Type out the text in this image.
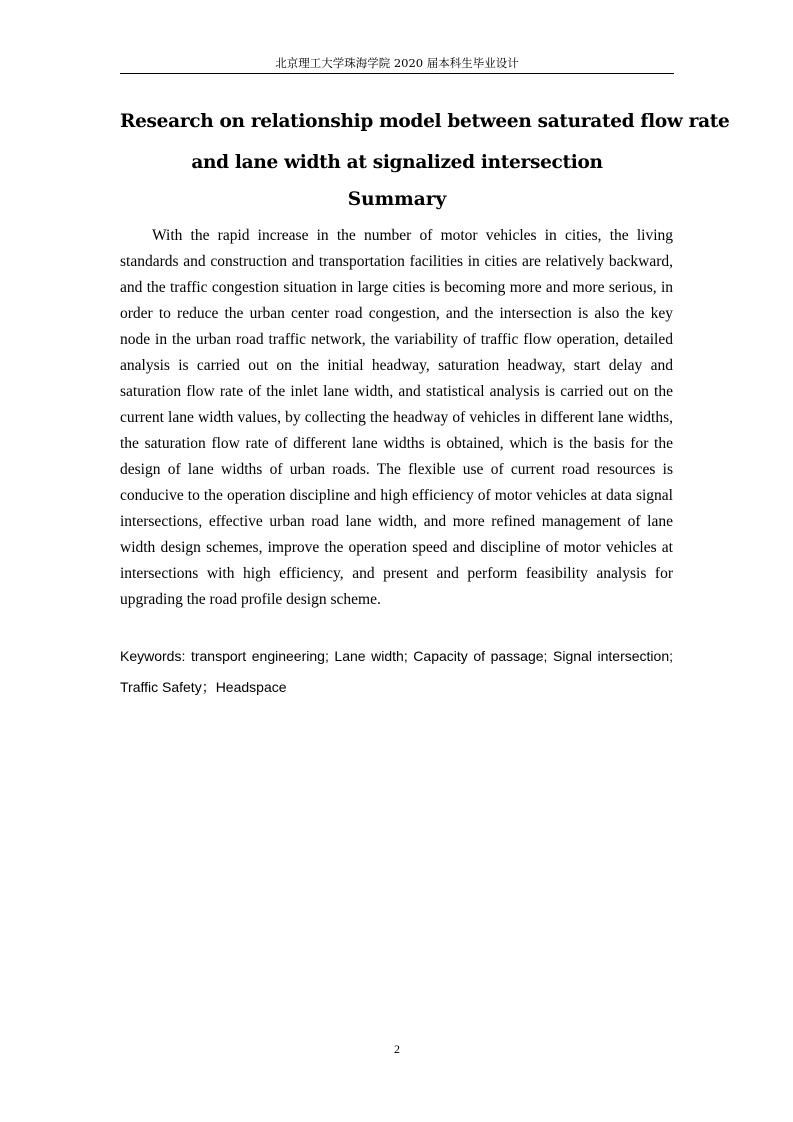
北京理工大学珠海学院 2020 届本科生毕业设计
Research on relationship model between saturated flow rate
and lane width at signalized intersection
Summary

With the rapid increase in the number of motor vehicles in cities, the living standards and construction and transportation facilities in cities are relatively backward, and the traffic congestion situation in large cities is becoming more and more serious, in order to reduce the urban center road congestion, and the intersection is also the key node in the urban road traffic network, the variability of traffic flow operation, detailed analysis is carried out on the initial headway, saturation headway, start delay and saturation flow rate of the inlet lane width, and statistical analysis is carried out on the current lane width values, by collecting the headway of vehicles in different lane widths, the saturation flow rate of different lane widths is obtained, which is the basis for the design of lane widths of urban roads. The flexible use of current road resources is conducive to the operation discipline and high efficiency of motor vehicles at data signal intersections, effective urban road lane width, and more refined management of lane width design schemes, improve the operation speed and discipline of motor vehicles at intersections with high efficiency, and present and perform feasibility analysis for upgrading the road profile design scheme.

Keywords: transport engineering; Lane width; Capacity of passage; Signal intersection; Traffic Safety；Headspace

2
